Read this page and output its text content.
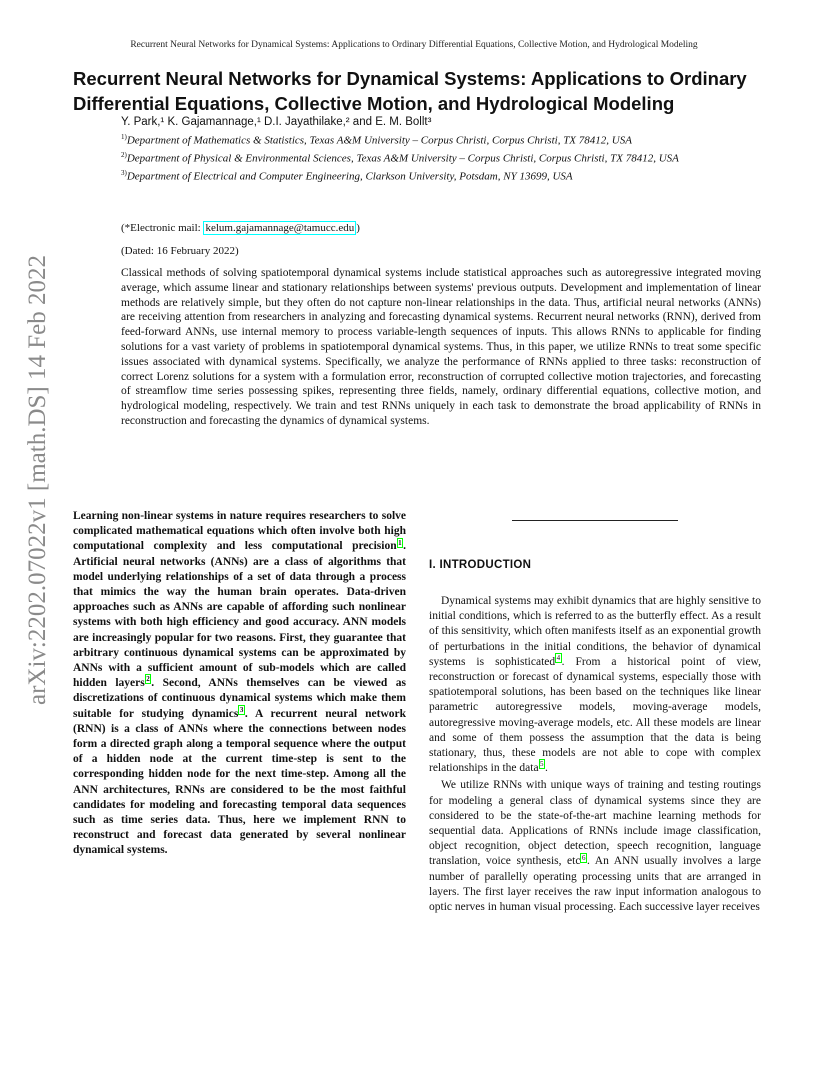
Recurrent Neural Networks for Dynamical Systems: Applications to Ordinary Differential Equations, Collective Motion, and Hydrological Modeling
Recurrent Neural Networks for Dynamical Systems: Applications to Ordinary
Differential Equations, Collective Motion, and Hydrological Modeling
Y. Park,¹ K. Gajamannage,¹ D.I. Jayathilake,² and E. M. Bollt³
$^{1)}$Department of Mathematics & Statistics, Texas A&M University – Corpus Christi, Corpus Christi, TX 78412, USA
$^{2)}$Department of Physical & Environmental Sciences, Texas A&M University – Corpus Christi, Corpus Christi, TX 78412, USA
$^{3)}$Department of Electrical and Computer Engineering, Clarkson University, Potsdam, NY 13699, USA
(*Electronic mail: kelum.gajamannage@tamucc.edu )
(Dated: 16 February 2022)
Classical methods of solving spatiotemporal dynamical systems include statistical approaches such as autoregressive integrated moving average, which assume linear and stationary relationships between systems' previous outputs. Development and implementation of linear methods are relatively simple, but they often do not capture non-linear relationships in the data. Thus, artificial neural networks (ANNs) are receiving attention from researchers in analyzing and forecasting dynamical systems. Recurrent neural networks (RNN), derived from feed-forward ANNs, use internal memory to process variable-length sequences of inputs. This allows RNNs to applicable for finding solutions for a vast variety of problems in spatiotemporal dynamical systems. Thus, in this paper, we utilize RNNs to treat some specific issues associated with dynamical systems. Specifically, we analyze the performance of RNNs applied to three tasks: reconstruction of correct Lorenz solutions for a system with a formulation error, reconstruction of corrupted collective motion trajectories, and forecasting of streamflow time series possessing spikes, representing three fields, namely, ordinary differential equations, collective motion, and hydrological modeling, respectively. We train and test RNNs uniquely in each task to demonstrate the broad applicability of RNNs in reconstruction and forecasting the dynamics of dynamical systems.
arXiv:2202.07022v1 [math.DS] 14 Feb 2022 Learning non-linear systems in nature requires researchers to solve complicated mathematical equations which often involve both high computational complexity and less computational precision $^1$ . Artificial neural networks (ANNs) are a class of algorithms that model underlying relationships of a set of data through a process that mimics the way the human brain operates. Data-driven approaches such as ANNs are capable of affording such nonlinear systems with both high efficiency and good accuracy. ANN models are increasingly popular for two reasons. First, they guarantee that arbitrary continuous dynamical systems can be approximated by ANNs with a sufficient amount of sub-models which are called hidden layers $^2$ . Second, ANNs themselves can be viewed as discretizations of continuous dynamical systems which make them suitable for studying dynamics $^3$ . A recurrent neural network (RNN) is a class of ANNs where the connections between nodes form a directed graph along a temporal sequence where the output of a hidden node at the current time-step is sent to the corresponding hidden node for the next time-step. Among all the ANN architectures, RNNs are considered to be the most faithful candidates for modeling and forecasting temporal data sequences such as time series data. Thus, here we implement RNN to reconstruct and forecast data generated by several nonlinear dynamical systems.
I. INTRODUCTION

Dynamical systems may exhibit dynamics that are highly sensitive to initial conditions, which is referred to as the butterfly effect. As a result of this sensitivity, which often manifests itself as an exponential growth of perturbations in the initial conditions, the behavior of dynamical systems is sophisticated $^4$ . From a historical point of view, reconstruction or forecast of dynamical systems, especially those with spatiotemporal solutions, has been based on the techniques like linear parametric autoregressive models, moving-average models, autoregressive moving-average models, etc. All these models are linear and some of them possess the assumption that the data is being stationary, thus, these models are not able to cope with complex relationships in the data $^5$ .

We utilize RNNs with unique ways of training and testing routings for modeling a general class of dynamical systems since they are considered to be the state-of-the-art machine learning methods for sequential data. Applications of RNNs include image classification, object recognition, object detection, speech recognition, language translation, voice synthesis, etc $^6$ . An ANN usually involves a large number of parallelly operating processing units that are arranged in layers. The first layer receives the raw input information analogous to optic nerves in human visual processing. Each successive layer receives
